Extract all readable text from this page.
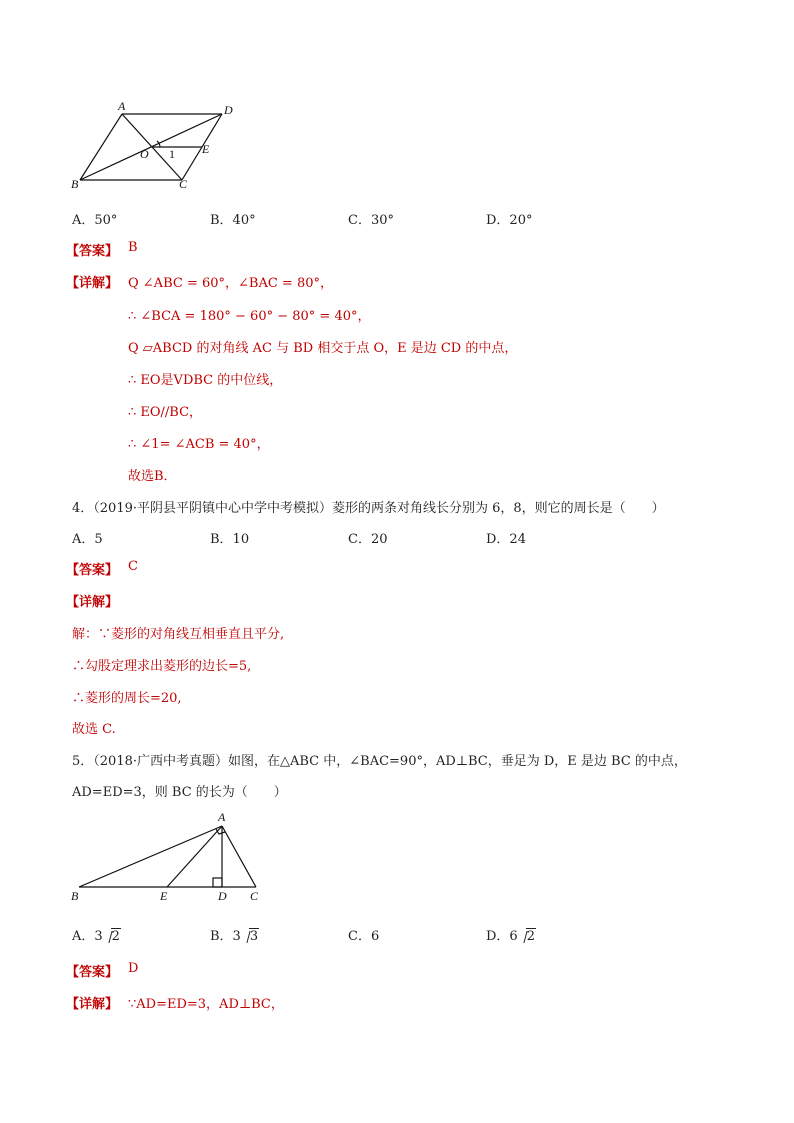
A	D
O 1 E
B	C
A．50°	B．40°	C．30°	D．20°
【答案】 B
【详解】 Q ∠ABC = 60°，∠BAC = 80°，
∴ ∠BCA = 180° − 60° − 80° = 40°，
Q ▱ABCD 的对角线 AC 与 BD 相交于点 O，E 是边 CD 的中点，
∴ EO是VDBC 的中位线，
∴ EO//BC，
∴ ∠1= ∠ACB = 40°，
故选B．
4．（2019·平阴县平阴镇中心中学中考模拟）菱形的两条对角线长分别为 6，8，则它的周长是（　　）
A．5	B．10	C．20	D．24
【答案】 C
【详解】
解：∵菱形的对角线互相垂直且平分,
∴勾股定理求出菱形的边长=5,
∴菱形的周长=20,
故选 C.
5．（2018·广西中考真题）如图，在△ABC 中，∠BAC=90°，AD⊥BC，垂足为 D，E 是边 BC 的中点，
AD=ED=3，则 BC 的长为（　　）
A
B	E	D C
A．3 2	B．3 3	C．6	D．6 2
【答案】 D
【详解】 ∵AD=ED=3，AD⊥BC，
